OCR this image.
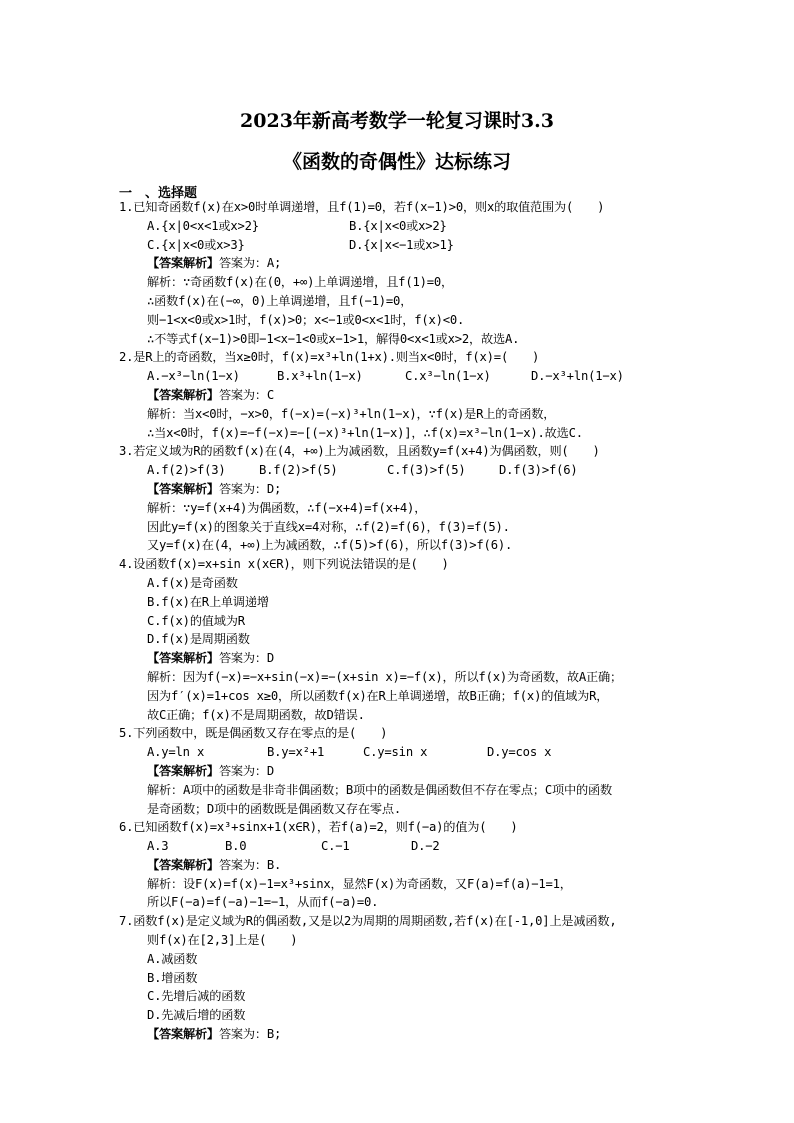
2023年新高考数学一轮复习课时3.3
《函数的奇偶性》达标练习
一　、选择题
1.已知奇函数f(x)在x>0时单调递增，且f(1)=0，若f(x−1)>0，则x的取值范围为(　　)
A.{x|0<x<1或x>2}	B.{x|x<0或x>2}
C.{x|x<0或x>3}	D.{x|x<−1或x>1}
【答案解析】答案为：A;
解析：∵奇函数f(x)在(0，+∞)上单调递增，且f(1)=0，
∴函数f(x)在(−∞，0)上单调递增，且f(−1)=0，
则−1<x<0或x>1时，f(x)>0；x<−1或0<x<1时，f(x)<0.
∴不等式f(x−1)>0即−1<x−1<0或x−1>1，解得0<x<1或x>2，故选A.
2.是R上的奇函数，当x≥0时，f(x)=x³+ln(1+x).则当x<0时，f(x)=(　　)
A.−x³−ln(1−x)	B.x³+ln(1−x)	C.x³−ln(1−x)	D.−x³+ln(1−x)
【答案解析】答案为：C
解析：当x<0时，−x>0，f(−x)=(−x)³+ln(1−x)，∵f(x)是R上的奇函数，
∴当x<0时，f(x)=−f(−x)=−[(−x)³+ln(1−x)]，∴f(x)=x³−ln(1−x).故选C.
3.若定义域为R的函数f(x)在(4，+∞)上为减函数，且函数y=f(x+4)为偶函数，则(　　)
A.f(2)>f(3)	B.f(2)>f(5)	C.f(3)>f(5)	D.f(3)>f(6)
【答案解析】答案为：D;
解析：∵y=f(x+4)为偶函数，∴f(−x+4)=f(x+4)，
因此y=f(x)的图象关于直线x=4对称，∴f(2)=f(6)，f(3)=f(5).
又y=f(x)在(4，+∞)上为减函数，∴f(5)>f(6)，所以f(3)>f(6).
4.设函数f(x)=x+sin x(x∈R)，则下列说法错误的是(　　)
A.f(x)是奇函数
B.f(x)在R上单调递增
C.f(x)的值域为R
D.f(x)是周期函数
【答案解析】答案为：D
解析：因为f(−x)=−x+sin(−x)=−(x+sin x)=−f(x)，所以f(x)为奇函数，故A正确；
因为f′(x)=1+cos x≥0，所以函数f(x)在R上单调递增，故B正确；f(x)的值域为R，
故C正确；f(x)不是周期函数，故D错误.
5.下列函数中，既是偶函数又存在零点的是(　　)
A.y=ln x	B.y=x²+1	C.y=sin x	D.y=cos x
【答案解析】答案为：D
解析：A项中的函数是非奇非偶函数；B项中的函数是偶函数但不存在零点；C项中的函数
是奇函数；D项中的函数既是偶函数又存在零点.
6.已知函数f(x)=x³+sinx+1(x∈R)，若f(a)=2，则f(−a)的值为(　　)
A.3	B.0	C.−1	D.−2
【答案解析】答案为：B.
解析：设F(x)=f(x)−1=x³+sinx，显然F(x)为奇函数，又F(a)=f(a)−1=1，
所以F(−a)=f(−a)−1=−1，从而f(−a)=0.
7.函数f(x)是定义域为R的偶函数,又是以2为周期的周期函数,若f(x)在[-1,0]上是减函数,
则f(x)在[2,3]上是(　　)
A.减函数
B.增函数
C.先增后减的函数
D.先减后增的函数
【答案解析】答案为：B;
